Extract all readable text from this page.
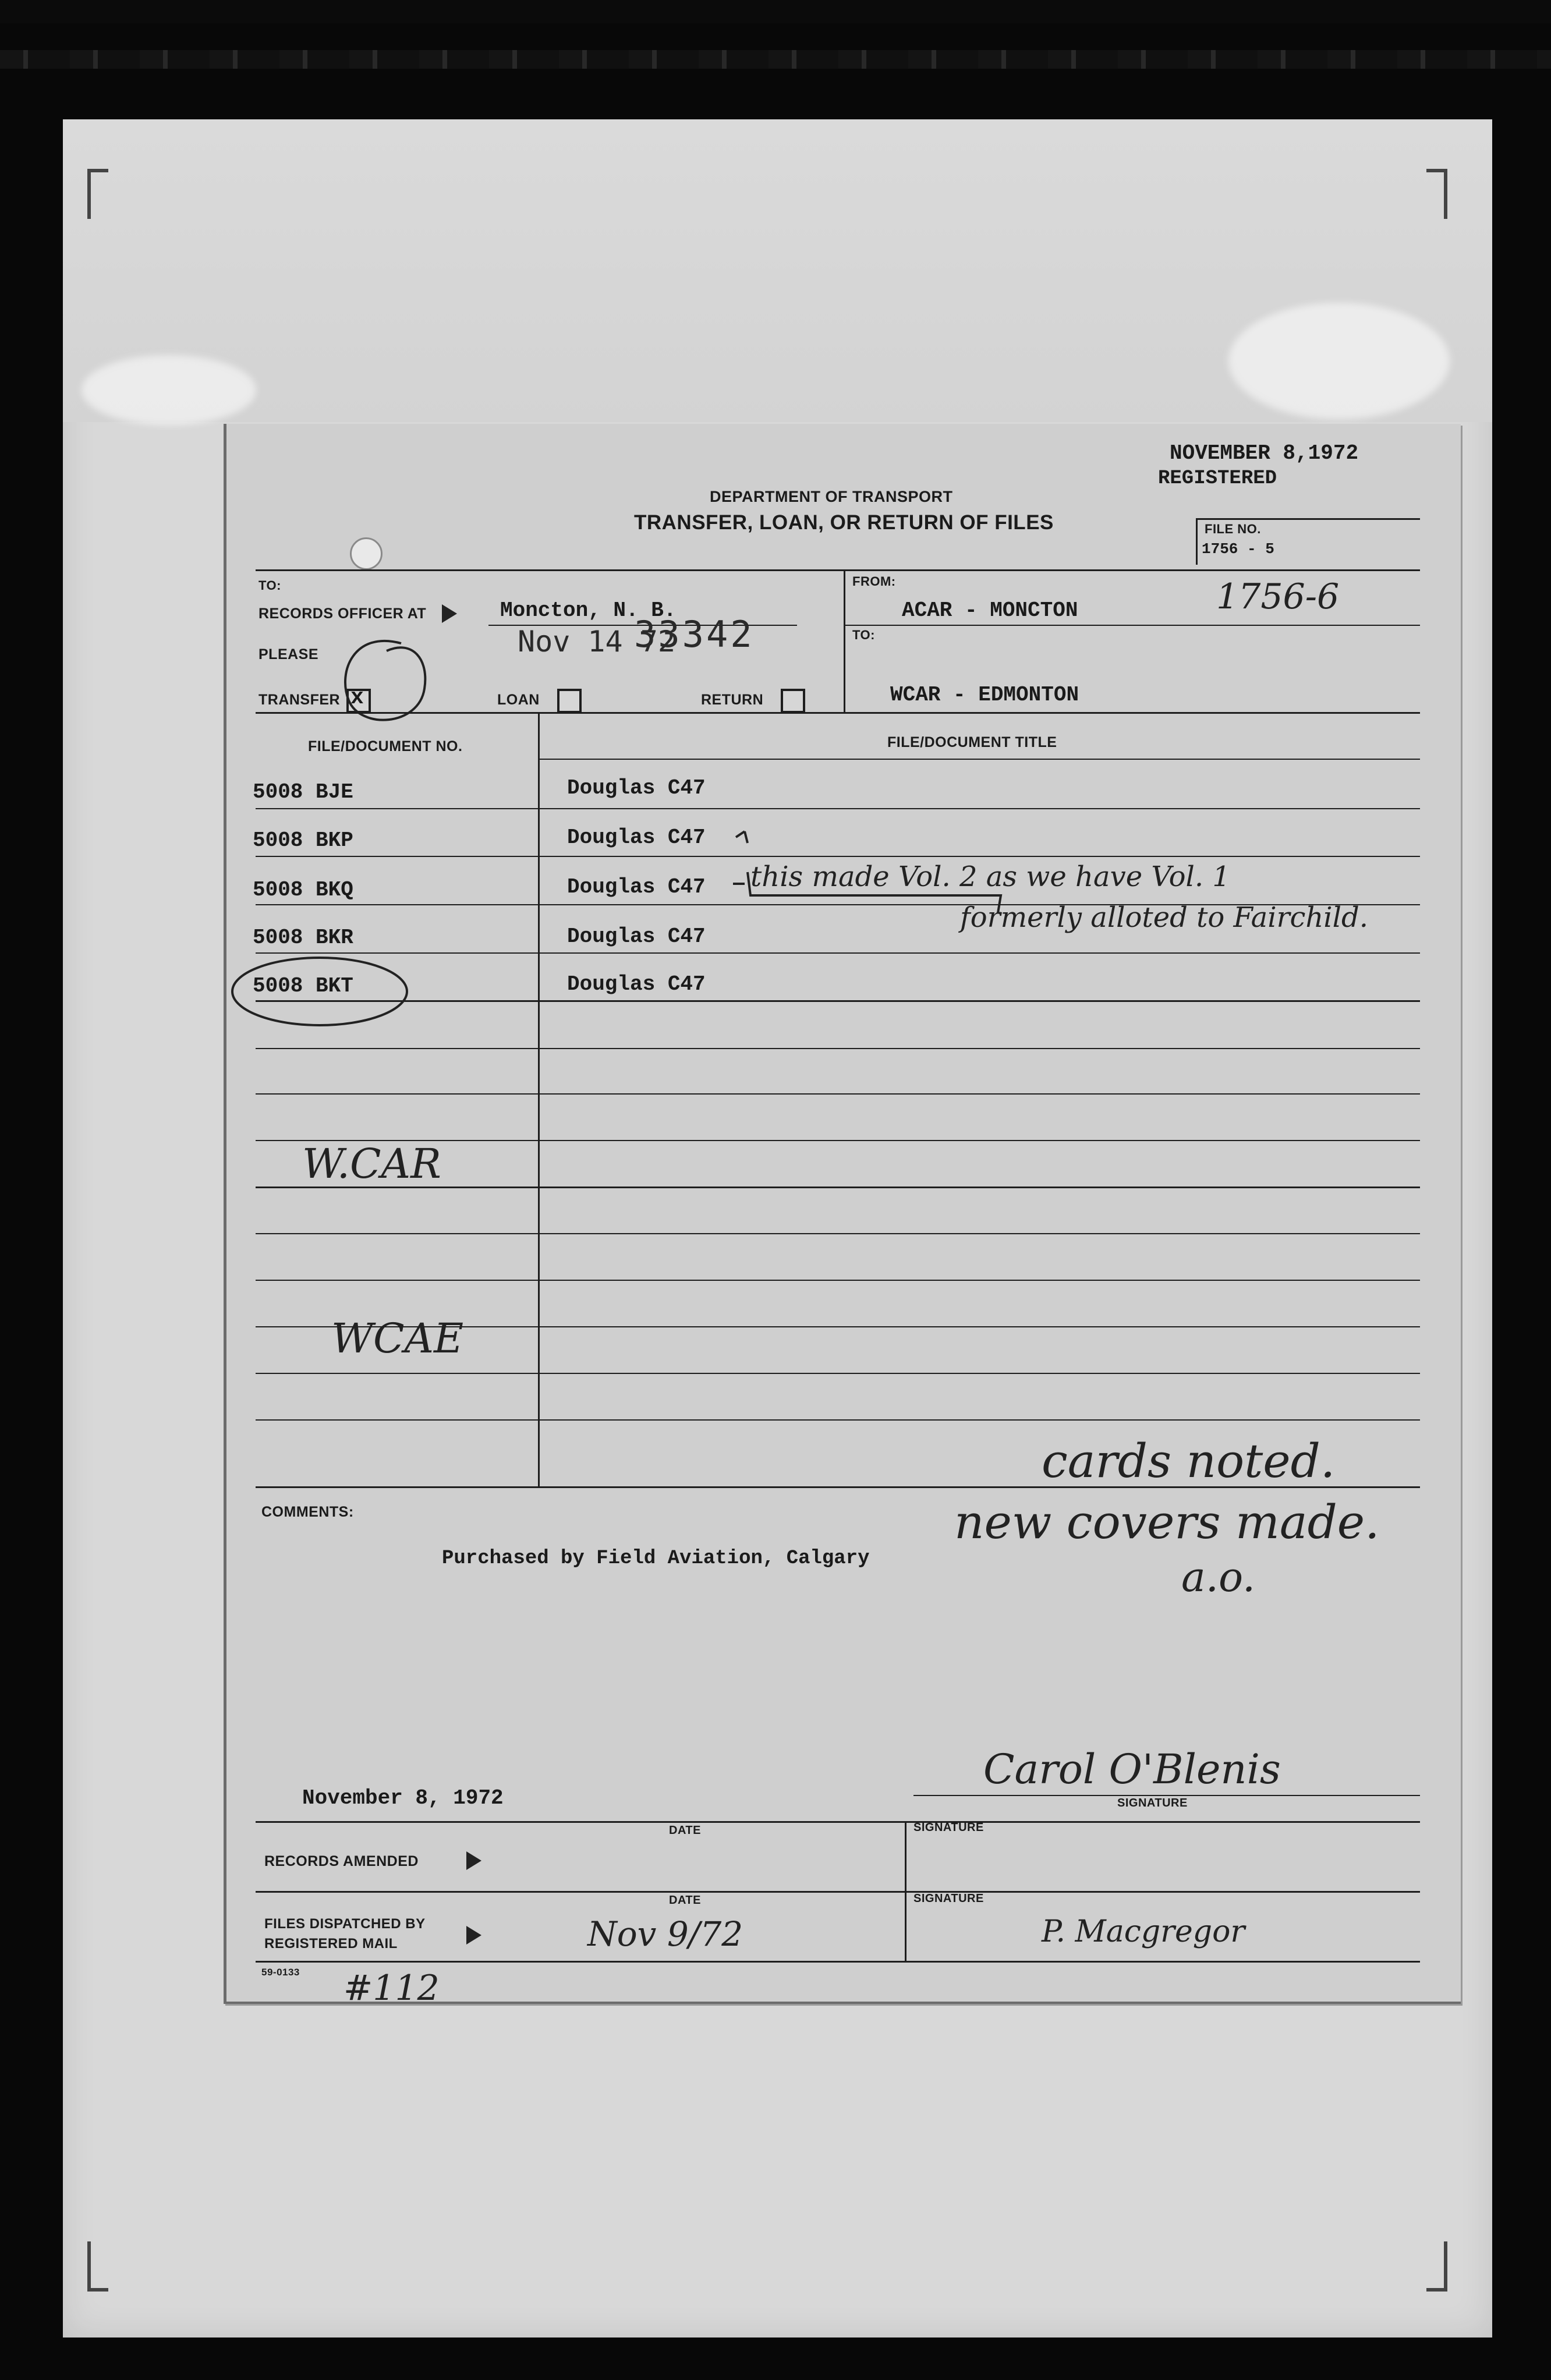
NOVEMBER 8,1972
REGISTERED
DEPARTMENT OF TRANSPORT
TRANSFER, LOAN, OR RETURN OF FILES	FILE NO.
1756 - 5
1756-6
TO:
RECORDS OFFICER AT	Moncton, N. B.
Nov 14 72
33342
PLEASE
FROM:
ACAR - MONCTON
TO:
WCAR - EDMONTON
TRANSFER x	LOAN	RETURN
FILE/DOCUMENT NO.	FILE/DOCUMENT TITLE
5008 BJE	Douglas C47
5008 BKP	Douglas C47
5008 BKQ	Douglas C47
5008 BKR	Douglas C47
5008 BKT	Douglas C47
this made Vol. 2 as we have Vol. 1
formerly alloted to Fairchild.
W.CAR
WCAE
cards noted.
COMMENTS:
Purchased by Field Aviation, Calgary
new covers made.
a.o.
November 8, 1972
Carol O'Blenis
SIGNATURE
DATE	SIGNATURE
RECORDS AMENDED
DATE	SIGNATURE
FILES DISPATCHED BY REGISTERED MAIL	Nov 9/72	P. Macgregor
59-0133 #112
